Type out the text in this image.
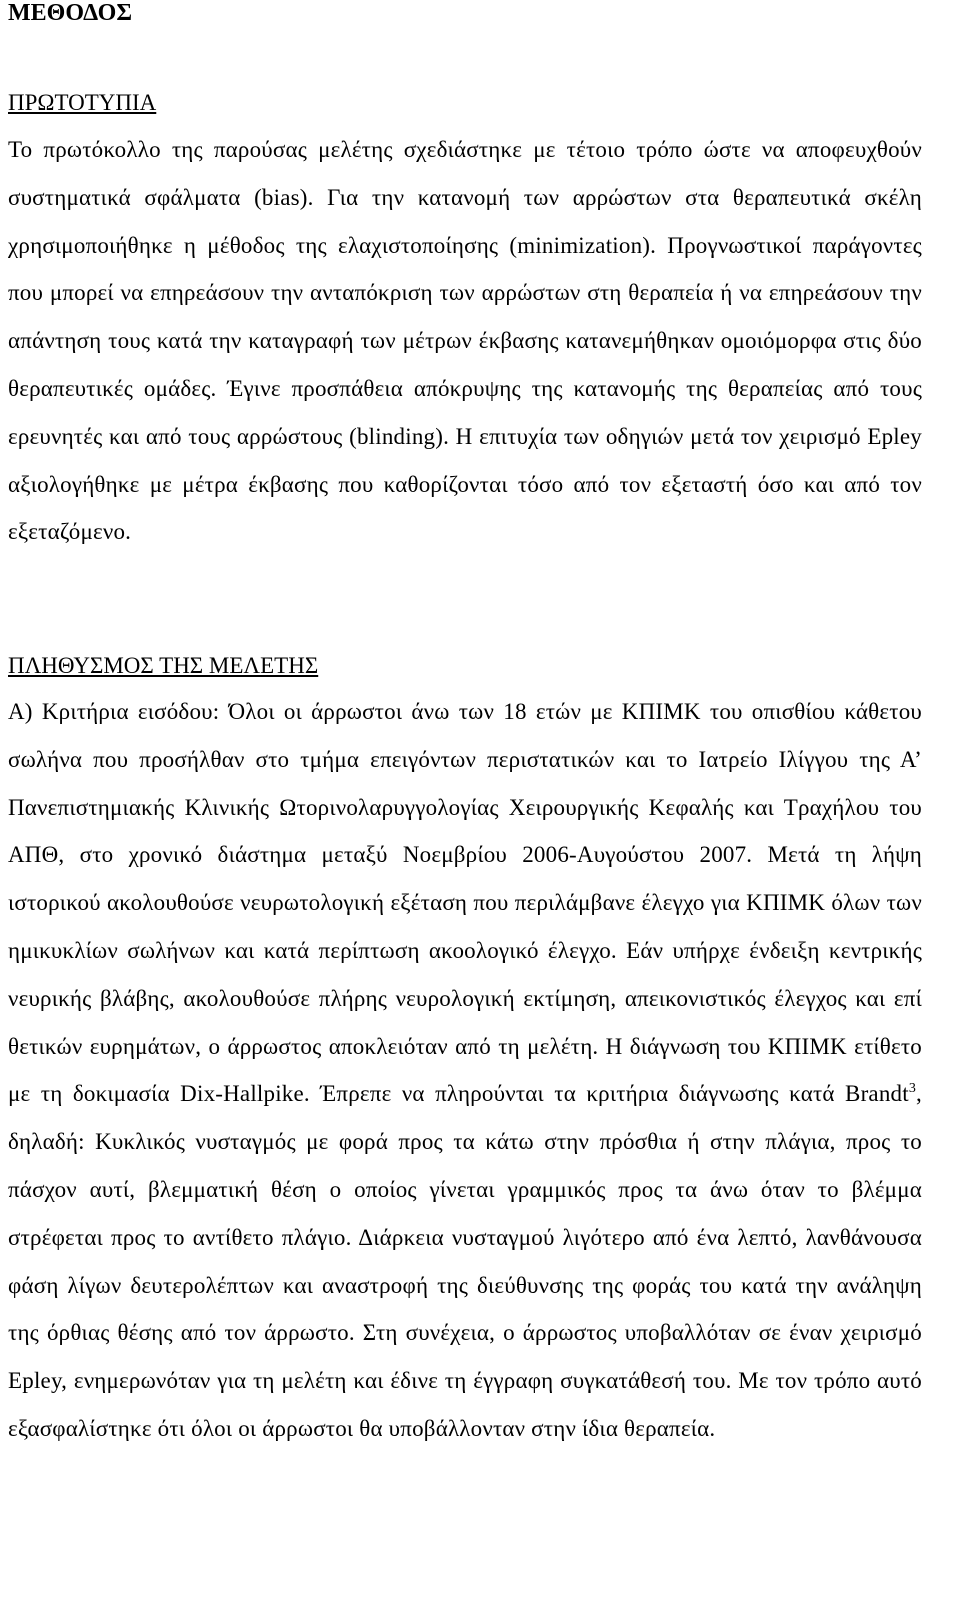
ΜΕΘΟΔΟΣ
ΠΡΩΤΟΤΥΠΙΑ

Το πρωτόκολλο της παρούσας μελέτης σχεδιάστηκε με τέτοιο τρόπο ώστε να αποφευχθούν συστηματικά σφάλματα (bias). Για την κατανομή των αρρώστων στα θεραπευτικά σκέλη χρησιμοποιήθηκε η μέθοδος της ελαχιστοποίησης (minimization). Προγνωστικοί παράγοντες που μπορεί να επηρεάσουν την ανταπόκριση των αρρώστων στη θεραπεία ή να επηρεάσουν την απάντηση τους κατά την καταγραφή των μέτρων έκβασης κατανεμήθηκαν ομοιόμορφα στις δύο θεραπευτικές ομάδες. Έγινε προσπάθεια απόκρυψης της κατανομής της θεραπείας από τους ερευνητές και από τους αρρώστους (blinding). Η επιτυχία των οδηγιών μετά τον χειρισμό Epley αξιολογήθηκε με μέτρα έκβασης που καθορίζονται τόσο από τον εξεταστή όσο και από τον εξεταζόμενο.

ΠΛΗΘΥΣΜΟΣ ΤΗΣ ΜΕΛΕΤΗΣ

Α) Κριτήρια εισόδου: Όλοι οι άρρωστοι άνω των 18 ετών με ΚΠΙΜΚ του οπισθίου κάθετου σωλήνα που προσήλθαν στο τμήμα επειγόντων περιστατικών και το Ιατρείο Ιλίγγου της Α’ Πανεπιστημιακής Κλινικής Ωτορινολαρυγγολογίας Χειρουργικής Κεφαλής και Τραχήλου του ΑΠΘ, στο χρονικό διάστημα μεταξύ Νοεμβρίου 2006-Αυγούστου 2007. Μετά τη λήψη ιστορικού ακολουθούσε νευρωτολογική εξέταση που περιλάμβανε έλεγχο για ΚΠΙΜΚ όλων των ημικυκλίων σωλήνων και κατά περίπτωση ακοολογικό έλεγχο. Εάν υπήρχε ένδειξη κεντρικής νευρικής βλάβης, ακολουθούσε πλήρης νευρολογική εκτίμηση, απεικονιστικός έλεγχος και επί θετικών ευρημάτων, ο άρρωστος αποκλειόταν από τη μελέτη. Η διάγνωση του ΚΠΙΜΚ ετίθετο με τη δοκιμασία Dix-Hallpike. Έπρεπε να πληρούνται τα κριτήρια διάγνωσης κατά Brandt$^3$, δηλαδή: Κυκλικός νυσταγμός με φορά προς τα κάτω στην πρόσθια ή στην πλάγια, προς το πάσχον αυτί, βλεμματική θέση ο οποίος γίνεται γραμμικός προς τα άνω όταν το βλέμμα στρέφεται προς το αντίθετο πλάγιο. Διάρκεια νυσταγμού λιγότερο από ένα λεπτό, λανθάνουσα φάση λίγων δευτερολέπτων και αναστροφή της διεύθυνσης της φοράς του κατά την ανάληψη της όρθιας θέσης από τον άρρωστο. Στη συνέχεια, ο άρρωστος υποβαλλόταν σε έναν χειρισμό Epley, ενημερωνόταν για τη μελέτη και έδινε τη έγγραφη συγκατάθεσή του. Με τον τρόπο αυτό εξασφαλίστηκε ότι όλοι οι άρρωστοι θα υποβάλλονταν στην ίδια θεραπεία.
